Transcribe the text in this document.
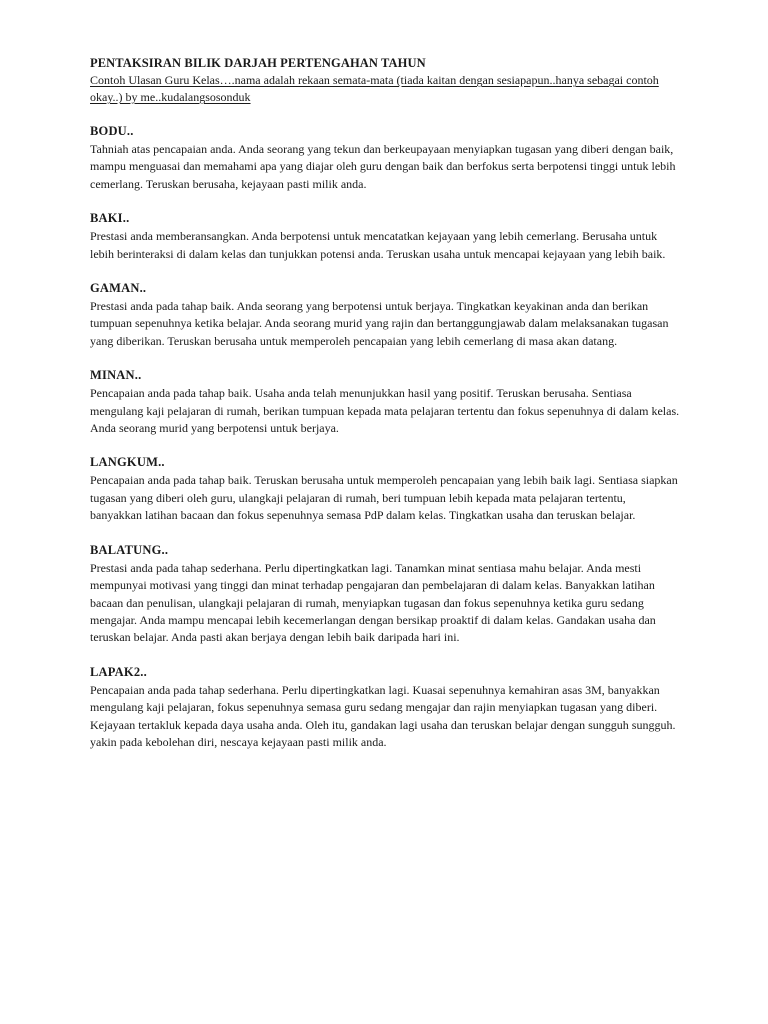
PENTAKSIRAN BILIK DARJAH PERTENGAHAN TAHUN

Contoh Ulasan Guru Kelas….nama adalah rekaan semata-mata (tiada kaitan dengan sesiapapun..hanya sebagai contoh okay..) by me..kudalangsosonduk

BODU..

Tahniah atas pencapaian anda. Anda seorang yang tekun dan berkeupayaan menyiapkan tugasan yang diberi dengan baik, mampu menguasai dan memahami apa yang diajar oleh guru dengan baik dan berfokus serta berpotensi tinggi untuk lebih cemerlang. Teruskan berusaha, kejayaan pasti milik anda.

BAKI..

Prestasi anda memberansangkan. Anda berpotensi untuk mencatatkan kejayaan yang lebih cemerlang. Berusaha untuk lebih berinteraksi di dalam kelas dan tunjukkan potensi anda. Teruskan usaha untuk mencapai kejayaan yang lebih baik.

GAMAN..

Prestasi anda pada tahap baik. Anda seorang yang berpotensi untuk berjaya. Tingkatkan keyakinan anda dan berikan tumpuan sepenuhnya ketika belajar. Anda seorang murid yang rajin dan bertanggungjawab dalam melaksanakan tugasan yang diberikan. Teruskan berusaha untuk memperoleh pencapaian yang lebih cemerlang di masa akan datang.

MINAN..

Pencapaian anda pada tahap baik. Usaha anda telah menunjukkan hasil yang positif. Teruskan berusaha. Sentiasa mengulang kaji pelajaran di rumah, berikan tumpuan kepada mata pelajaran tertentu dan fokus sepenuhnya di dalam kelas. Anda seorang murid yang berpotensi untuk berjaya.

LANGKUM..

Pencapaian anda pada tahap baik. Teruskan berusaha untuk memperoleh pencapaian yang lebih baik lagi. Sentiasa siapkan tugasan yang diberi oleh guru, ulangkaji pelajaran di rumah, beri tumpuan lebih kepada mata pelajaran tertentu, banyakkan latihan bacaan dan fokus sepenuhnya semasa PdP dalam kelas. Tingkatkan usaha dan teruskan belajar.

BALATUNG..

Prestasi anda pada tahap sederhana. Perlu dipertingkatkan lagi. Tanamkan minat sentiasa mahu belajar. Anda mesti mempunyai motivasi yang tinggi dan minat terhadap pengajaran dan pembelajaran di dalam kelas. Banyakkan latihan bacaan dan penulisan, ulangkaji pelajaran di rumah, menyiapkan tugasan dan fokus sepenuhnya ketika guru sedang mengajar. Anda mampu mencapai lebih kecemerlangan dengan bersikap proaktif di dalam kelas. Gandakan usaha dan teruskan belajar. Anda pasti akan berjaya dengan lebih baik daripada hari ini.

LAPAK2..

Pencapaian anda pada tahap sederhana. Perlu dipertingkatkan lagi. Kuasai sepenuhnya kemahiran asas 3M, banyakkan mengulang kaji pelajaran, fokus sepenuhnya semasa guru sedang mengajar dan rajin menyiapkan tugasan yang diberi. Kejayaan tertakluk kepada daya usaha anda. Oleh itu, gandakan lagi usaha dan teruskan belajar dengan sungguh sungguh. yakin pada kebolehan diri, nescaya kejayaan pasti milik anda.
